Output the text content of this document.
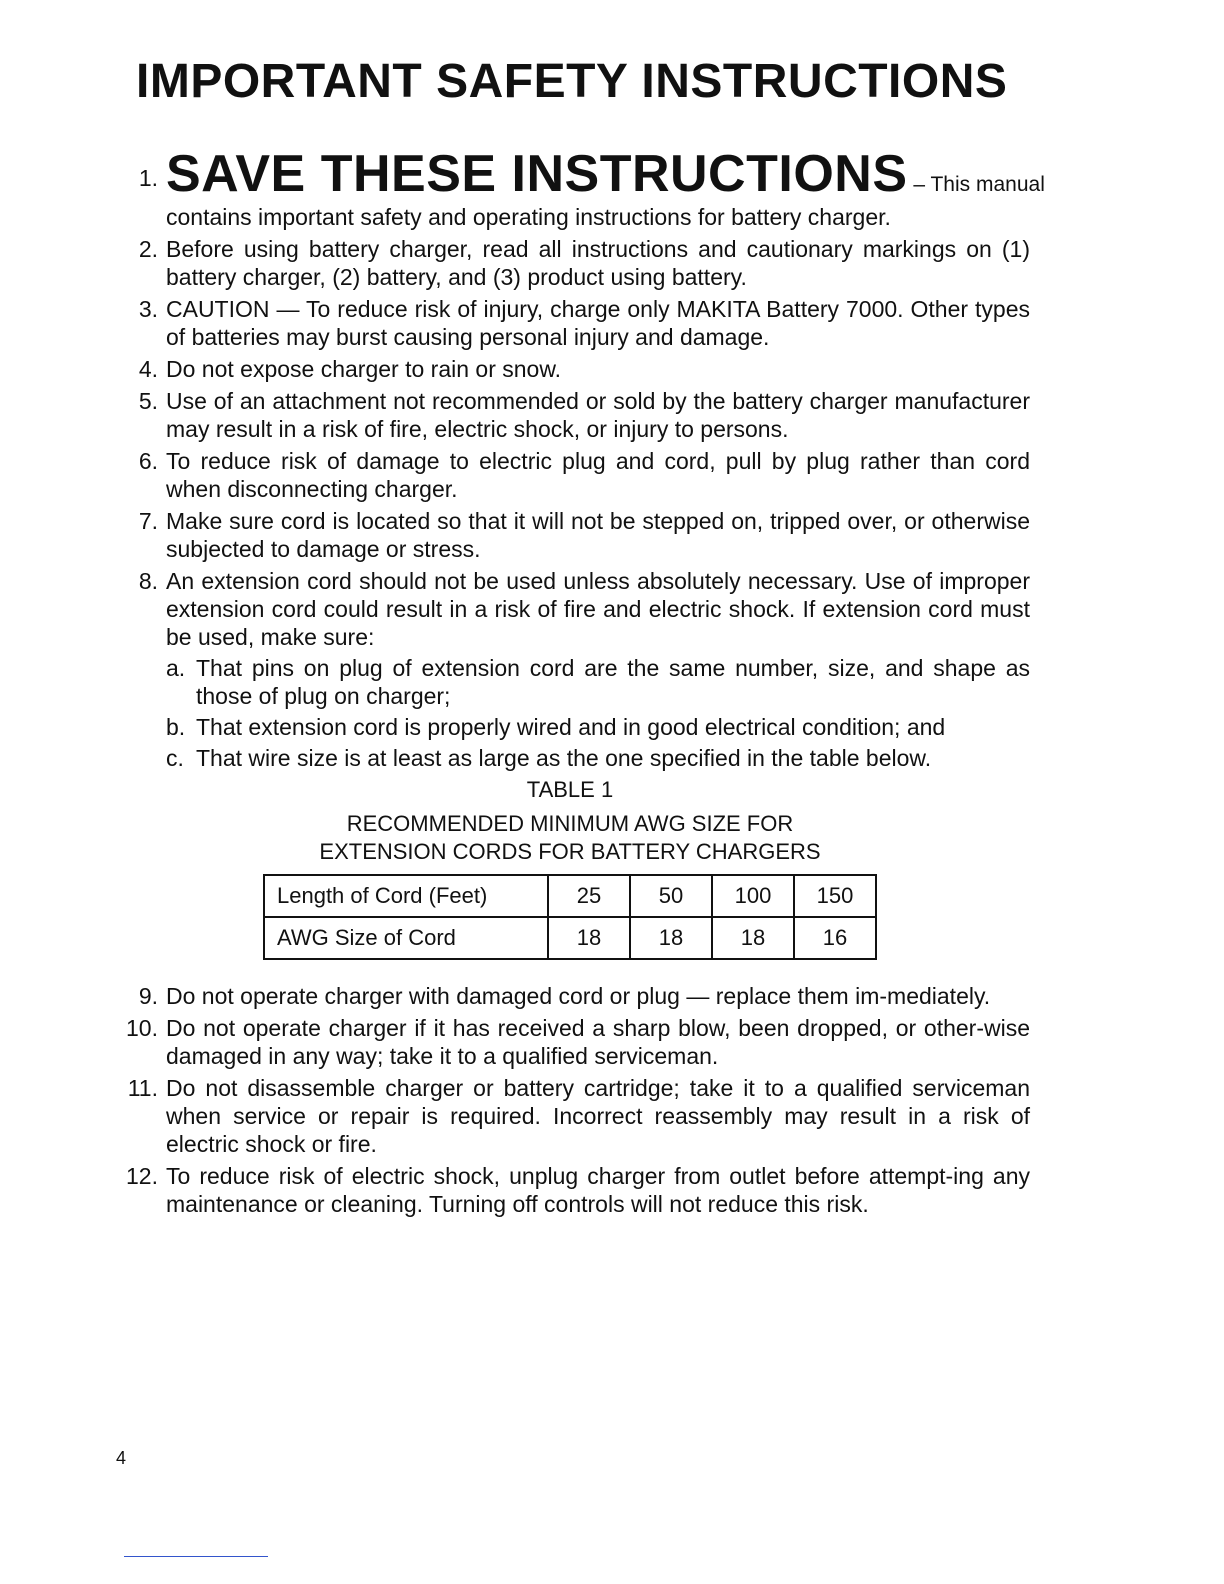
IMPORTANT SAFETY INSTRUCTIONS
1. SAVE THESE INSTRUCTIONS – This manual
contains important safety and operating instructions for battery charger.
2. Before using battery charger, read all instructions and cautionary markings on (1) battery charger, (2) battery, and (3) product using battery.
3. CAUTION — To reduce risk of injury, charge only MAKITA Battery 7000. Other types of batteries may burst causing personal injury and damage.
4. Do not expose charger to rain or snow.
5. Use of an attachment not recommended or sold by the battery charger manufacturer may result in a risk of fire, electric shock, or injury to persons.
6. To reduce risk of damage to electric plug and cord, pull by plug rather than cord when disconnecting charger.
7. Make sure cord is located so that it will not be stepped on, tripped over, or otherwise subjected to damage or stress.
8. An extension cord should not be used unless absolutely necessary. Use of improper extension cord could result in a risk of fire and electric shock. If extension cord must be used, make sure:
a. That pins on plug of extension cord are the same number, size, and shape as those of plug on charger;
b. That extension cord is properly wired and in good electrical condition; and
c. That wire size is at least as large as the one specified in the table below.
TABLE 1
RECOMMENDED MINIMUM AWG SIZE FOR
EXTENSION CORDS FOR BATTERY CHARGERS
Length of Cord (Feet)	25	50	100	150
AWG Size of Cord	18	18	18	16
9. Do not operate charger with damaged cord or plug — replace them im-mediately.
10. Do not operate charger if it has received a sharp blow, been dropped, or other-wise damaged in any way; take it to a qualified serviceman.
11. Do not disassemble charger or battery cartridge; take it to a qualified serviceman when service or repair is required. Incorrect reassembly may result in a risk of electric shock or fire.
12. To reduce risk of electric shock, unplug charger from outlet before attempt-ing any maintenance or cleaning. Turning off controls will not reduce this risk.
4
